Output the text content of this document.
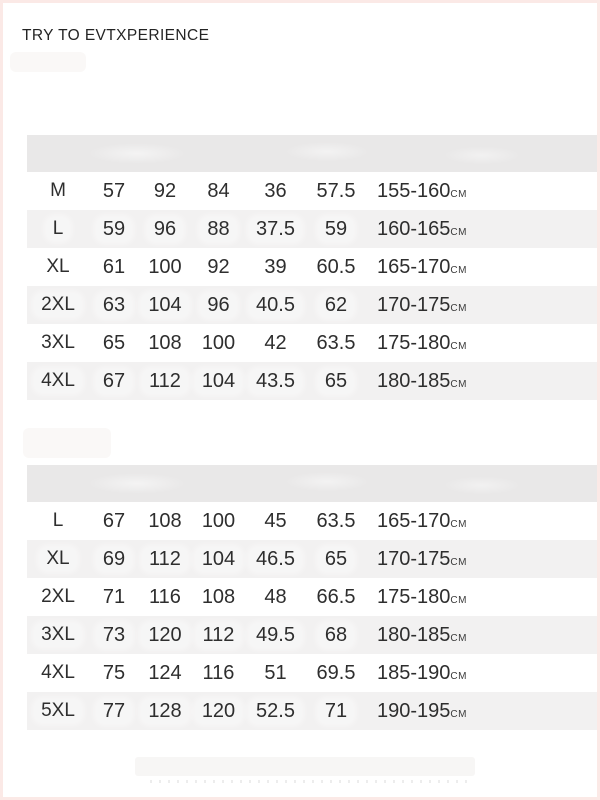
TRY TO EVTXPERIENCE
M	57	92	84	36	57.5	155-160CM
L	59	96	88	37.5	59	160-165CM
XL	61	100	92	39	60.5	165-170CM
2XL	63	104	96	40.5	62	170-175CM
3XL	65	108	100	42	63.5	175-180CM
4XL	67	112	104	43.5	65	180-185CM
L	67	108	100	45	63.5	165-170CM
XL	69	112	104	46.5	65	170-175CM
2XL	71	116	108	48	66.5	175-180CM
3XL	73	120	112	49.5	68	180-185CM
4XL	75	124	116	51	69.5	185-190CM
5XL	77	128	120	52.5	71	190-195CM
